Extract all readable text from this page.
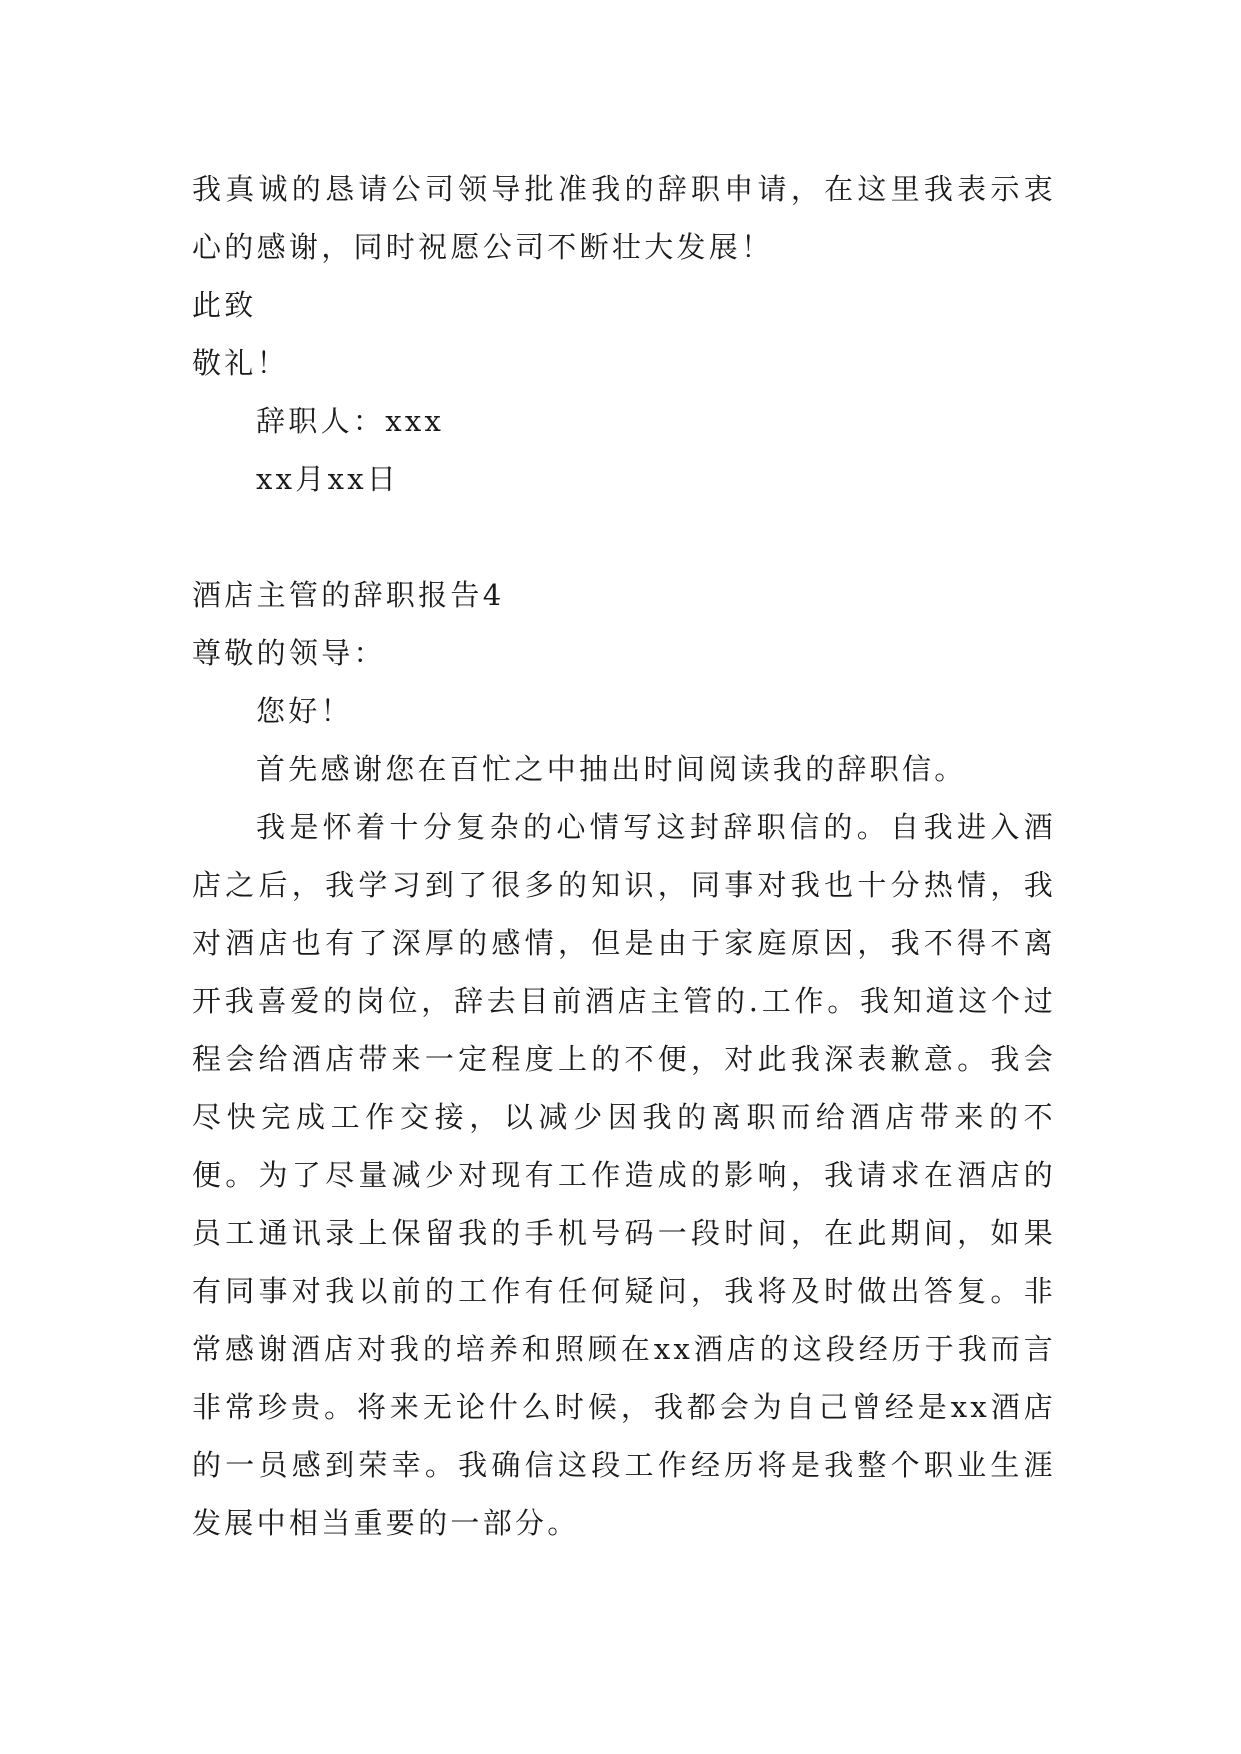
我真诚的恳请公司领导批准我的辞职申请，在这里我表示衷心的感谢，同时祝愿公司不断壮大发展！

此致

敬礼！

辞职人：xxx

xx月xx日

酒店主管的辞职报告4

尊敬的领导：

您好！

首先感谢您在百忙之中抽出时间阅读我的辞职信。

我是怀着十分复杂的心情写这封辞职信的。自我进入酒店之后，我学习到了很多的知识，同事对我也十分热情，我对酒店也有了深厚的感情，但是由于家庭原因，我不得不离开我喜爱的岗位，辞去目前酒店主管的.工作。我知道这个过程会给酒店带来一定程度上的不便，对此我深表歉意。我会尽快完成工作交接，以减少因我的离职而给酒店带来的不便。为了尽量减少对现有工作造成的影响，我请求在酒店的员工通讯录上保留我的手机号码一段时间，在此期间，如果有同事对我以前的工作有任何疑问，我将及时做出答复。非常感谢酒店对我的培养和照顾在xx酒店的这段经历于我而言非常珍贵。将来无论什么时候，我都会为自己曾经是xx酒店的一员感到荣幸。我确信这段工作经历将是我整个职业生涯发展中相当重要的一部分。
